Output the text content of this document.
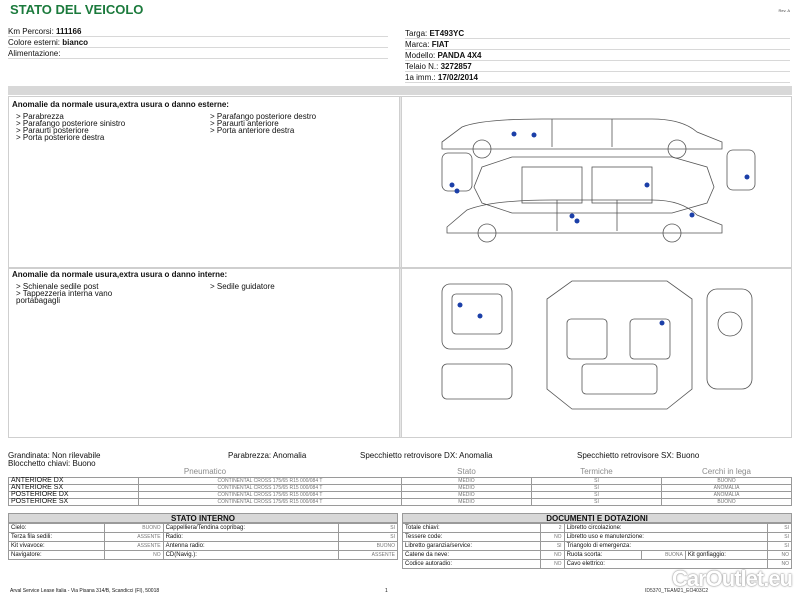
STATO DEL VEICOLO	Rev. A
Km Percorsi: 111166
Colore esterni: bianco
Alimentazione:
Targa: ET493YC
Marca: FIAT
Modello: PANDA 4X4
Telaio N.: 3272857
1a imm.: 17/02/2014
Anomalie da normale usura,extra usura o danno esterne:
> Parabrezza
> Parafango posteriore sinistro
> Paraurti posteriore
> Porta posteriore destra
> Parafango posteriore destro
> Paraurti anteriore
> Porta anteriore destra
Anomalie da normale usura,extra usura o danno interne:
> Schienale sedile post
> Tappezzeria interna vano
portabagagli
> Sedile guidatore
Grandinata: Non rilevabile	Parabrezza: Anomalia	Specchietto retrovisore DX: Anomalia	Specchietto retrovisore SX: Buono
Blocchetto chiavi: Buono
Pneumatico		Stato	Termiche	Cerchi in lega
ANTERIORE DX	CONTINENTAL CROSS 175/65 R15 000/084 T	MEDIO	SI	BUONO
ANTERIORE SX	CONTINENTAL CROSS 175/65 R15 000/084 T	MEDIO	SI	ANOMALIA
POSTERIORE DX	CONTINENTAL CROSS 175/65 R15 000/084 T	MEDIO	SI	ANOMALIA
POSTERIORE SX	CONTINENTAL CROSS 175/65 R15 000/084 T	MEDIO	SI	BUONO
STATO INTERNO
Cielo:	BUONO	Cappelliera/Tendina copribag:	SI
Terza fila sedili:	ASSENTE	Radio:	SI
Kit vivavoce:	ASSENTE	Antenna radio:	BUONO
Navigatore:	NO	CD(Navig.):	ASSENTE
DOCUMENTI E DOTAZIONI
Totale chiavi:	2	Libretto circolazione:			SI
Tessere code:	NO	Libretto uso e manutenzione:			SI
Libretto garanzia/service:	SI	Triangolo di emergenza:			SI
Catene da neve:	NO	Ruota scorta:	BUONA	Kit gonfiaggio:	NO
Codice autoradio:	NO	Cavo elettrico:			NO
Arval Service Lease Italia - Via Pisana 314/B, Scandicci (FI), 50018	1	ID5370_TEAM21_EO403C2
CarOutlet.eu
